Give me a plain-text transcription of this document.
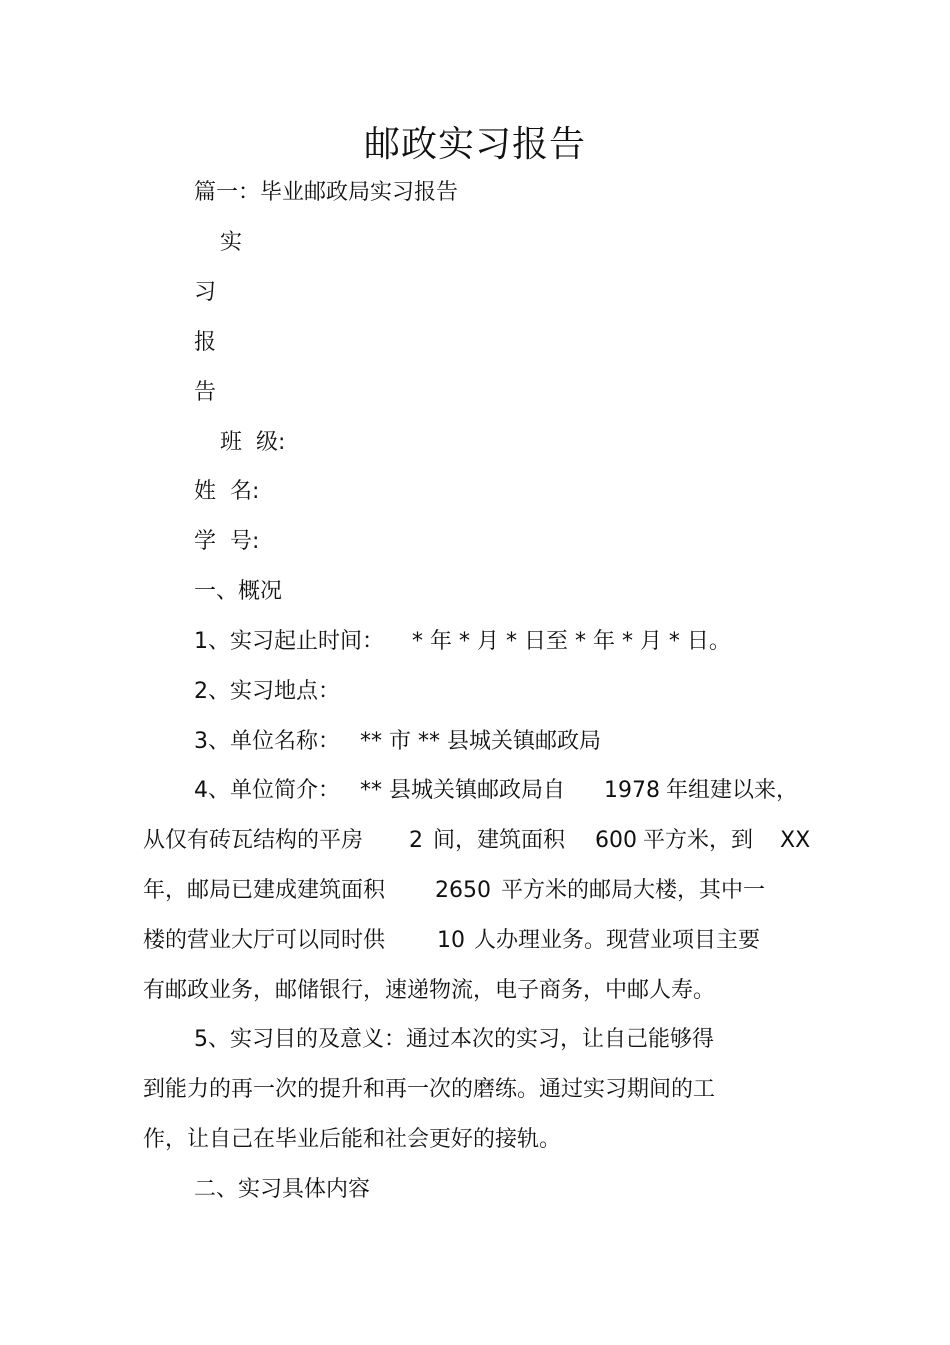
邮政实习报告
篇一：毕业邮政局实习报告
实
习
报
告
班  级:
姓  名:
学  号:
一、概况
1、实习起止时间： * 年 * 月 * 日至 * 年 * 月 * 日。
2、实习地点：
3、单位名称： ** 市 ** 县城关镇邮政局
4、单位简介： ** 县城关镇邮政局自 1978 年组建以来，
从仅有砖瓦结构的平房 2 间，建筑面积 600 平方米，到 XX
年，邮局已建成建筑面积 2650 平方米的邮局大楼，其中一
楼的营业大厅可以同时供 10 人办理业务。现营业项目主要
有邮政业务，邮储银行，速递物流，电子商务，中邮人寿。
5、实习目的及意义：通过本次的实习，让自己能够得
到能力的再一次的提升和再一次的磨练。通过实习期间的工
作，让自己在毕业后能和社会更好的接轨。
二、实习具体内容
